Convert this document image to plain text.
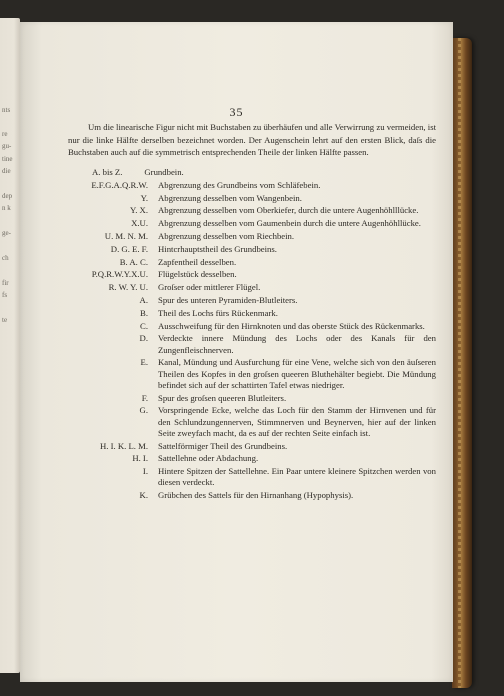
nts
re
gu-
tine
die
dep
n k
ge-
ch
fir
fs
te
35

Um die linearische Figur nicht mit Buchstaben zu überhäufen und alle Verwirrung zu vermeiden, ist nur die linke Hälfte derselben bezeichnet worden. Der Augenschein lehrt auf den ersten Blick, daſs die Buchstaben auch auf die symmetrisch entsprechenden Theile der linken Hälfte passen.

A. bis Z.	Grundbein.
E.F.G.A.Q.R.W. Abgrenzung des Grundbeins vom Schläfebein.
Y. Abgrenzung desselben vom Wangenbein.
Y. X. Abgrenzung desselben vom Oberkiefer, durch die untere Augenhöhlllücke.
X.U. Abgrenzung desselben vom Gaumenbein durch die untere Augenhöhllücke.
U. M. N. M. Abgrenzung desselben vom Riechbein.
D. G. E. F. Hintcrhauptstheil des Grundbeins.
B. A. C. Zapfentheil desselben.
P.Q.R.W.Y.X.U. Flügelstück desselben.
R. W. Y. U. Groſser oder mittlerer Flügel.
A. Spur des unteren Pyramiden-Blutleiters.
B. Theil des Lochs fürs Rückenmark.
C. Ausschweifung für den Hirnknoten und das oberste Stück des Rückenmarks.
D. Verdeckte innere Mündung des Lochs oder des Kanals für den Zungenfleischnerven.
E. Kanal, Mündung und Ausfurchung für eine Vene, welche sich von den äuſseren Theilen des Kopfes in den groſsen queeren Bluthehälter begiebt. Die Mündung befindet sich auf der schattirten Tafel etwas niedriger.
F. Spur des groſsen queeren Blutleiters.
G. Vorspringende Ecke, welche das Loch für den Stamm der Hirnvenen und für den Schlundzungennerven, Stimmnerven und Beynerven, hier auf der linken Seite zweyfach macht, da es auf der rechten Seite einfach ist.
H. I. K. L. M. Sattelförmiger Theil des Grundbeins.
H. I. Sattellehne oder Abdachung.
I. Hintere Spitzen der Sattellehne. Ein Paar untere kleinere Spitzchen werden von diesen verdeckt.
K. Grübchen des Sattels für den Hirnanhang (Hypophysis).
